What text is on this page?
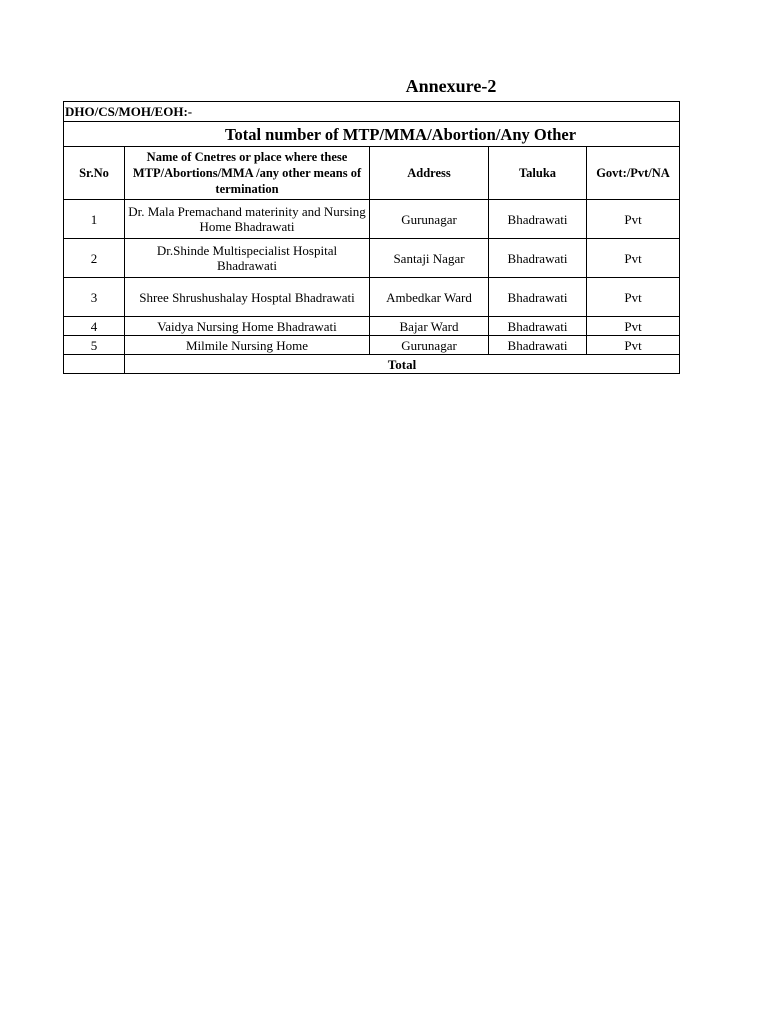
Annexure-2
DHO/CS/MOH/EOH:-				
Total number of MTP/MMA/Abortion/Any Other				
Sr.No	Name of Cnetres or place where these MTP/Abortions/MMA /any other means of termination	Address	Taluka	Govt:/Pvt/NA
1	Dr. Mala Premachand materinity and Nursing Home Bhadrawati	Gurunagar	Bhadrawati	Pvt
2	Dr.Shinde Multispecialist Hospital Bhadrawati	Santaji Nagar	Bhadrawati	Pvt
3	Shree Shrushushalay Hosptal Bhadrawati	Ambedkar Ward	Bhadrawati	Pvt
4	Vaidya Nursing Home Bhadrawati	Bajar Ward	Bhadrawati	Pvt
5	Milmile Nursing Home	Gurunagar	Bhadrawati	Pvt
	Total			
